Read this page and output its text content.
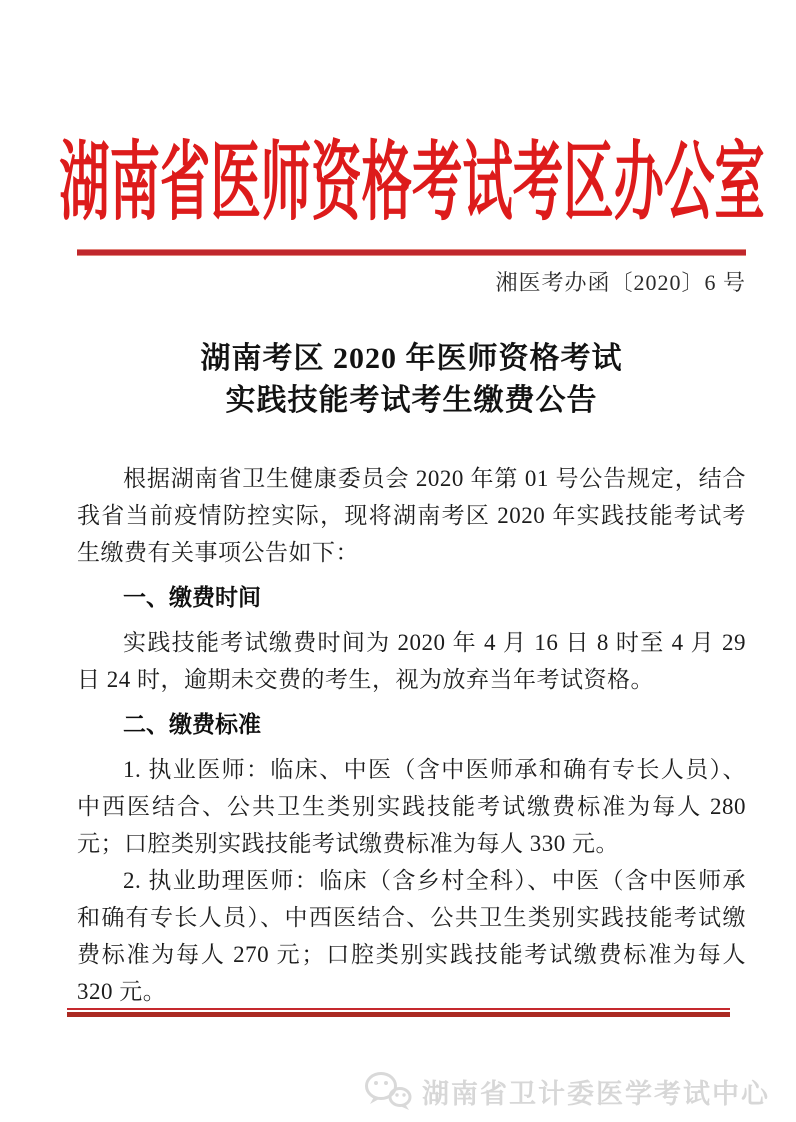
湖南省医师资格考试考区办公室
湘医考办函〔2020〕6 号
湖南考区 2020 年医师资格考试
实践技能考试考生缴费公告

根据湖南省卫生健康委员会 2020 年第 01 号公告规定，结合我省当前疫情防控实际，现将湖南考区 2020 年实践技能考试考生缴费有关事项公告如下：

一、缴费时间

实践技能考试缴费时间为 2020 年 4 月 16 日 8 时至 4 月 29 日 24 时，逾期未交费的考生，视为放弃当年考试资格。

二、缴费标准

1. 执业医师：临床、中医（含中医师承和确有专长人员）、中西医结合、公共卫生类别实践技能考试缴费标准为每人 280 元；口腔类别实践技能考试缴费标准为每人 330 元。

2. 执业助理医师：临床（含乡村全科）、中医（含中医师承和确有专长人员）、中西医结合、公共卫生类别实践技能考试缴费标准为每人 270 元；口腔类别实践技能考试缴费标准为每人 320 元。

湖南省卫计委医学考试中心
